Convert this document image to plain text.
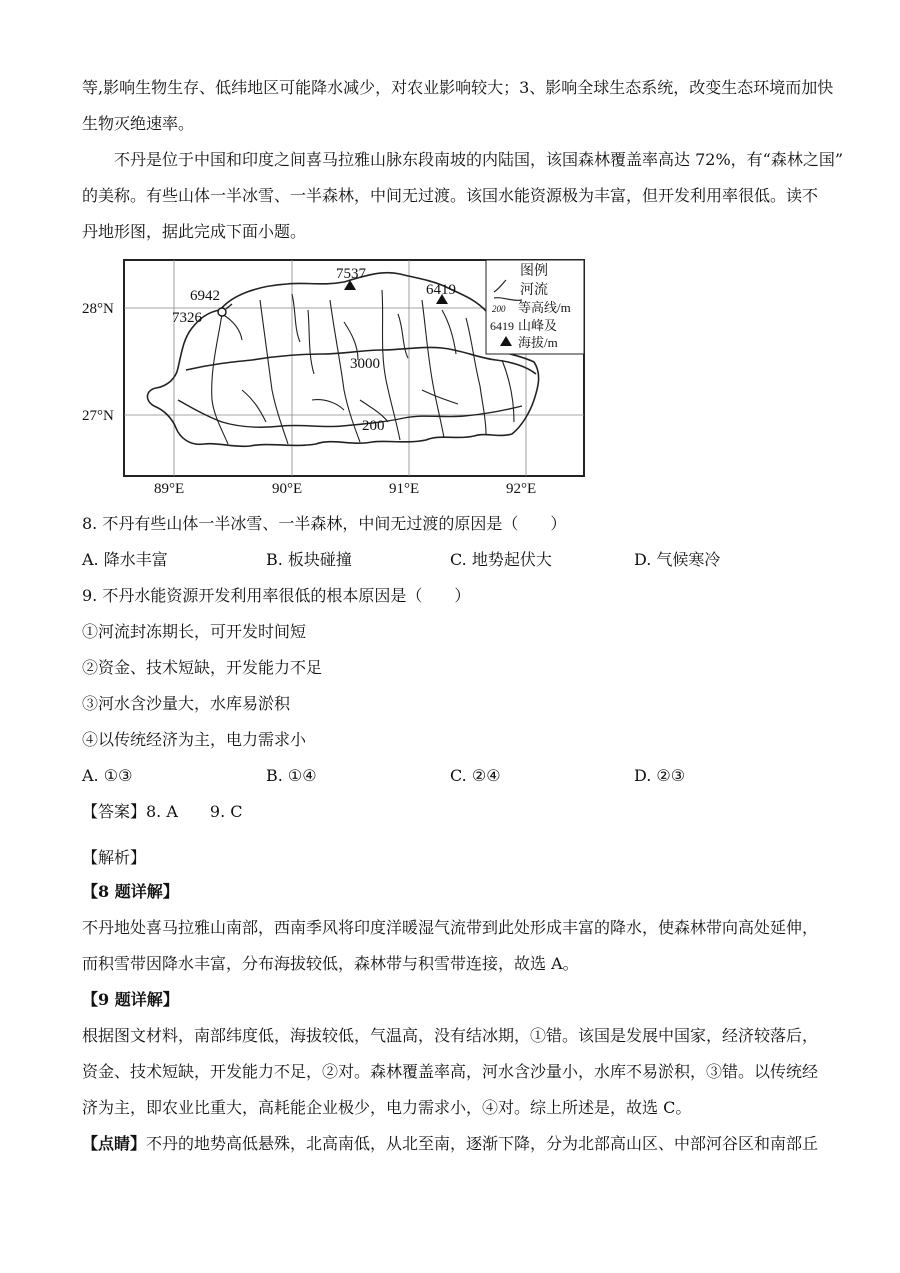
等,影响生物生存、低纬地区可能降水减少，对农业影响较大；3、影响全球生态系统，改变生态环境而加快
生物灭绝速率。
不丹是位于中国和印度之间喜马拉雅山脉东段南坡的内陆国，该国森林覆盖率高达 72%，有“森林之国”
的美称。有些山体一半冰雪、一半森林，中间无过渡。该国水能资源极为丰富，但开发利用率很低。读不
丹地形图，据此完成下面小题。
28°N
27°N
89°E	90°E	91°E	92°E
7537
6942
7326
6419
3000
200
图例
河流
200 等高线/m
6419 山峰及
海拔/m
8. 不丹有些山体一半冰雪、一半森林，中间无过渡的原因是（　　）
A. 降水丰富	B. 板块碰撞	C. 地势起伏大	D. 气候寒冷
9. 不丹水能资源开发利用率很低的根本原因是（　　）
①河流封冻期长，可开发时间短
②资金、技术短缺，开发能力不足
③河水含沙量大，水库易淤积
④以传统经济为主，电力需求小
A. ①③	B. ①④	C. ②④	D. ②③
【答案】8. A　　9. C
【解析】
【8 题详解】
不丹地处喜马拉雅山南部，西南季风将印度洋暖湿气流带到此处形成丰富的降水，使森林带向高处延伸，
而积雪带因降水丰富，分布海拔较低，森林带与积雪带连接，故选 A。
【9 题详解】
根据图文材料，南部纬度低，海拔较低，气温高，没有结冰期，①错。该国是发展中国家，经济较落后，
资金、技术短缺，开发能力不足，②对。森林覆盖率高，河水含沙量小，水库不易淤积，③错。以传统经
济为主，即农业比重大，高耗能企业极少，电力需求小，④对。综上所述是，故选 C。
【点睛】不丹的地势高低悬殊，北高南低，从北至南，逐渐下降，分为北部高山区、中部河谷区和南部丘
